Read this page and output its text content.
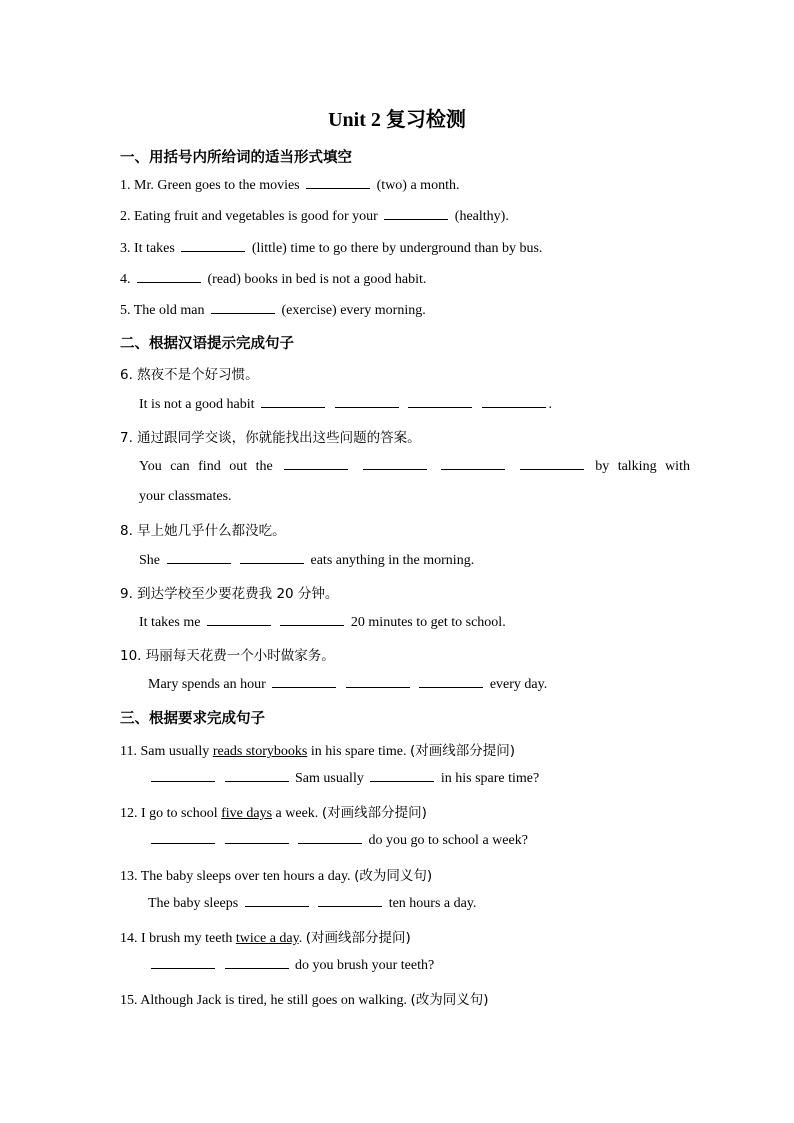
Unit 2 复习检测
一、用括号内所给词的适当形式填空
1. Mr. Green goes to the movies	(two) a month.
2. Eating fruit and vegetables is good for your	(healthy).
3. It takes	(little) time to go there by underground than by bus.
4.	(read) books in bed is not a good habit.
5. The old man	(exercise) every morning.
二、根据汉语提示完成句子
6. 熬夜不是个好习惯。
It is not a good habit	.
7. 通过跟同学交谈，你就能找出这些问题的答案。
You can find out the	by talking with
your classmates.
8. 早上她几乎什么都没吃。
She	eats anything in the morning.
9. 到达学校至少要花费我 20 分钟。
It takes me	20 minutes to get to school.
10. 玛丽每天花费一个小时做家务。
Mary spends an hour	every day.
三、根据要求完成句子
11. Sam usually reads storybooks in his spare time. (对画线部分提问)
Sam usually	in his spare time?
12. I go to school five days a week. (对画线部分提问)
do you go to school a week?
13. The baby sleeps over ten hours a day. (改为同义句)
The baby sleeps	ten hours a day.
14. I brush my teeth twice a day. (对画线部分提问)
do you brush your teeth?
15. Although Jack is tired, he still goes on walking. (改为同义句)
